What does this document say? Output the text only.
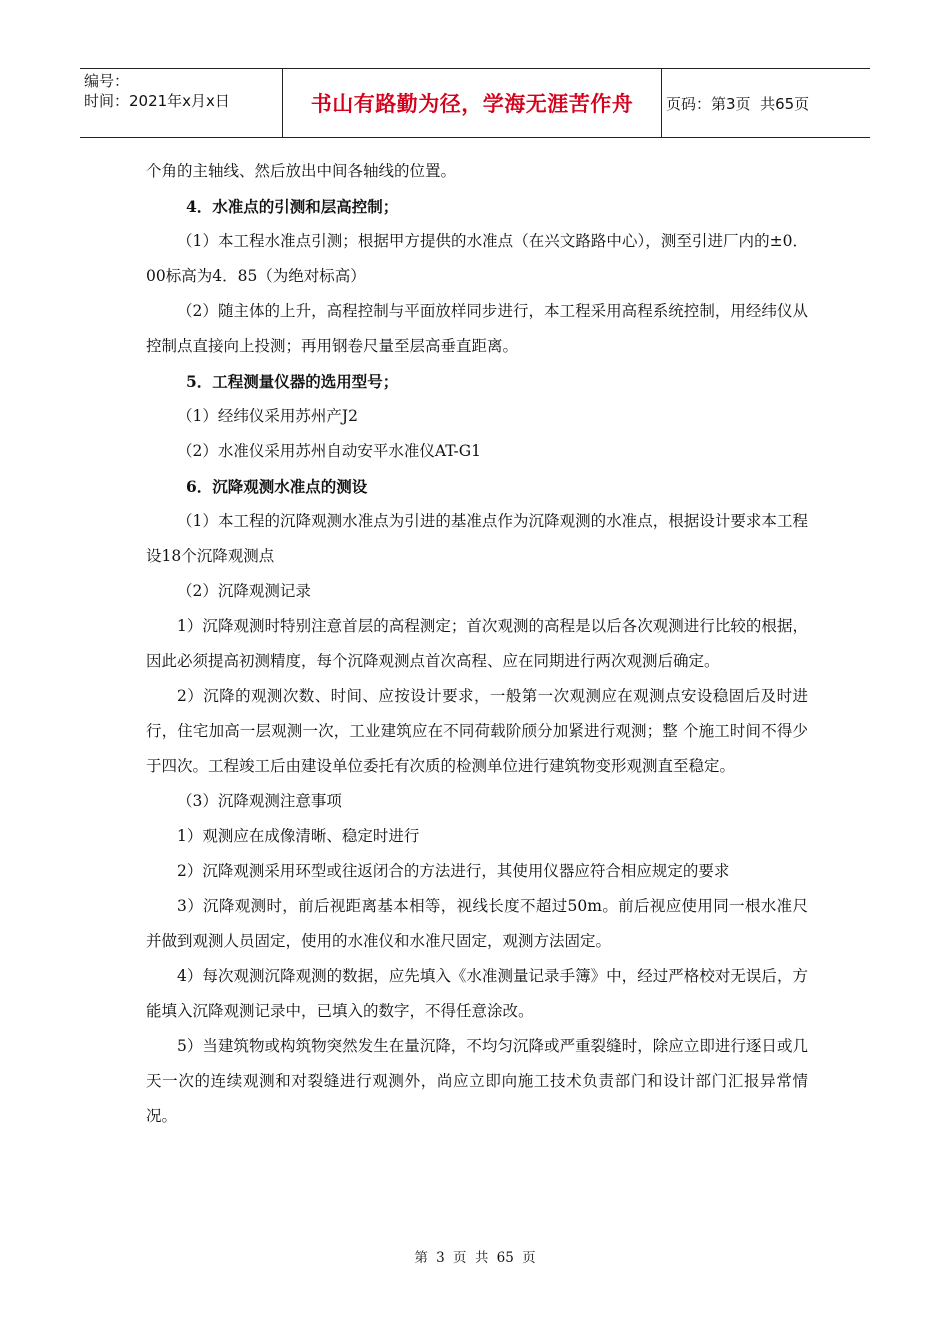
编号：
时间：2021年x月x日	书山有路勤为径，学海无涯苦作舟	页码：第3页  共65页

个角的主轴线、然后放出中间各轴线的位置。

4．水准点的引测和层高控制；

（1）本工程水准点引测；根据甲方提供的水准点（在兴文路路中心），测至引进厂内的±0．00标高为4．85（为绝对标高）

（2）随主体的上升，高程控制与平面放样同步进行，本工程采用高程系统控制，用经纬仪从控制点直接向上投测；再用钢卷尺量至层高垂直距离。

5．工程测量仪器的选用型号；

（1）经纬仪采用苏州产J2

（2）水准仪采用苏州自动安平水准仪AT-G1

6．沉降观测水准点的测设

（1）本工程的沉降观测水准点为引进的基准点作为沉降观测的水准点，根据设计要求本工程设18个沉降观测点

（2）沉降观测记录

1）沉降观测时特别注意首层的高程测定；首次观测的高程是以后各次观测进行比较的根据，因此必须提高初测精度，每个沉降观测点首次高程、应在同期进行两次观测后确定。

2）沉降的观测次数、时间、应按设计要求，一般第一次观测应在观测点安设稳固后及时进行，住宅加高一层观测一次，工业建筑应在不同荷载阶颀分加紧进行观测；整 个施工时间不得少于四次。工程竣工后由建设单位委托有次质的检测单位进行建筑物变形观测直至稳定。

（3）沉降观测注意事项

1）观测应在成像清晰、稳定时进行

2）沉降观测采用环型或往返闭合的方法进行，其使用仪器应符合相应规定的要求

3）沉降观测时，前后视距离基本相等，视线长度不超过50m。前后视应使用同一根水准尺并做到观测人员固定，使用的水准仪和水准尺固定，观测方法固定。

4）每次观测沉降观测的数据，应先填入《水准测量记录手簿》中，经过严格校对无误后，方能填入沉降观测记录中，已填入的数字，不得任意涂改。

5）当建筑物或构筑物突然发生在量沉降，不均匀沉降或严重裂缝时，除应立即进行逐日或几天一次的连续观测和对裂缝进行观测外，尚应立即向施工技术负责部门和设计部门汇报异常情况。

第 3 页 共 65 页
